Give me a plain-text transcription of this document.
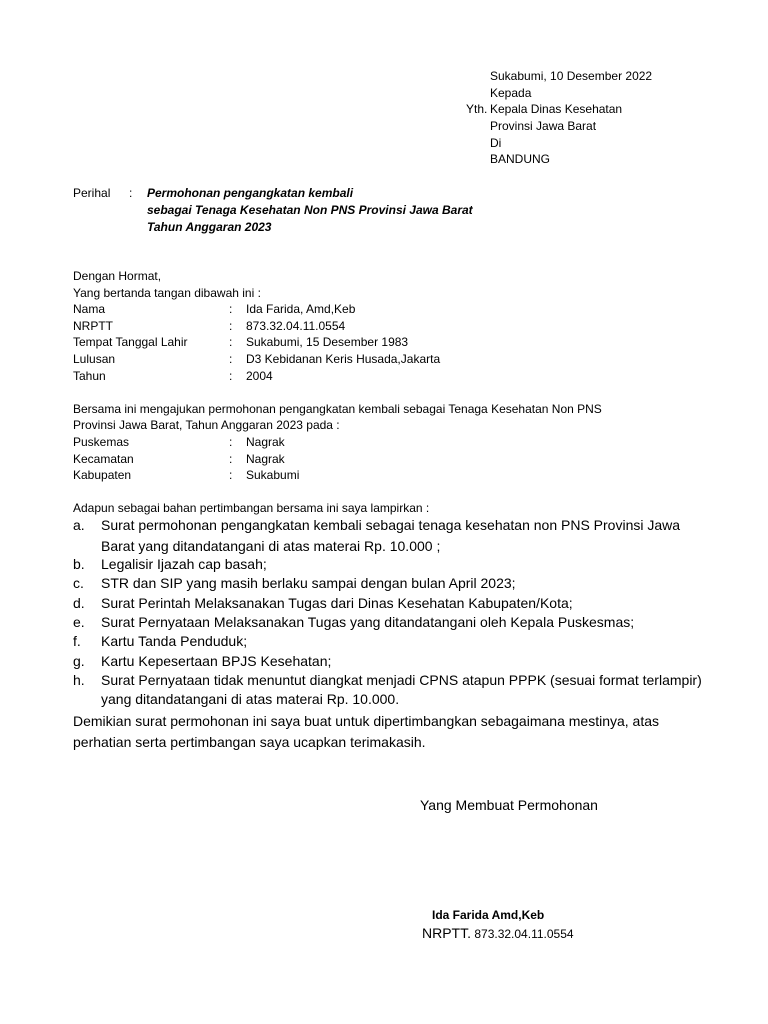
Sukabumi, 10 Desember 2022
Kepada
Yth. Kepala Dinas Kesehatan
Provinsi Jawa Barat
Di
BANDUNG
Perihal : Permohonan pengangkatan kembali
sebagai Tenaga Kesehatan Non PNS Provinsi Jawa Barat
Tahun Anggaran 2023
Dengan Hormat,
Yang bertanda tangan dibawah ini :
Nama	: Ida Farida, Amd,Keb
NRPTT	: 873.32.04.11.0554
Tempat Tanggal Lahir	: Sukabumi, 15 Desember 1983
Lulusan	: D3 Kebidanan Keris Husada,Jakarta
Tahun	: 2004
Bersama ini mengajukan permohonan pengangkatan kembali sebagai Tenaga Kesehatan Non PNS
Provinsi Jawa Barat, Tahun Anggaran 2023 pada :
Puskemas	: Nagrak
Kecamatan	: Nagrak
Kabupaten	: Sukabumi
Adapun sebagai bahan pertimbangan bersama ini saya lampirkan :
a. Surat permohonan pengangkatan kembali sebagai tenaga kesehatan non PNS Provinsi Jawa
Barat yang ditandatangani di atas materai Rp. 10.000 ;
b. Legalisir Ijazah cap basah;
c. STR dan SIP yang masih berlaku sampai dengan bulan April 2023;
d. Surat Perintah Melaksanakan Tugas dari Dinas Kesehatan Kabupaten/Kota;
e. Surat Pernyataan Melaksanakan Tugas yang ditandatangani oleh Kepala Puskesmas;
f. Kartu Tanda Penduduk;
g. Kartu Kepesertaan BPJS Kesehatan;
h. Surat Pernyataan tidak menuntut diangkat menjadi CPNS atapun PPPK (sesuai format terlampir)
yang ditandatangani di atas materai Rp. 10.000.
Demikian surat permohonan ini saya buat untuk dipertimbangkan sebagaimana mestinya, atas
perhatian serta pertimbangan saya ucapkan terimakasih.
Yang Membuat Permohonan
Ida Farida Amd,Keb
NRPTT. 873.32.04.11.0554
